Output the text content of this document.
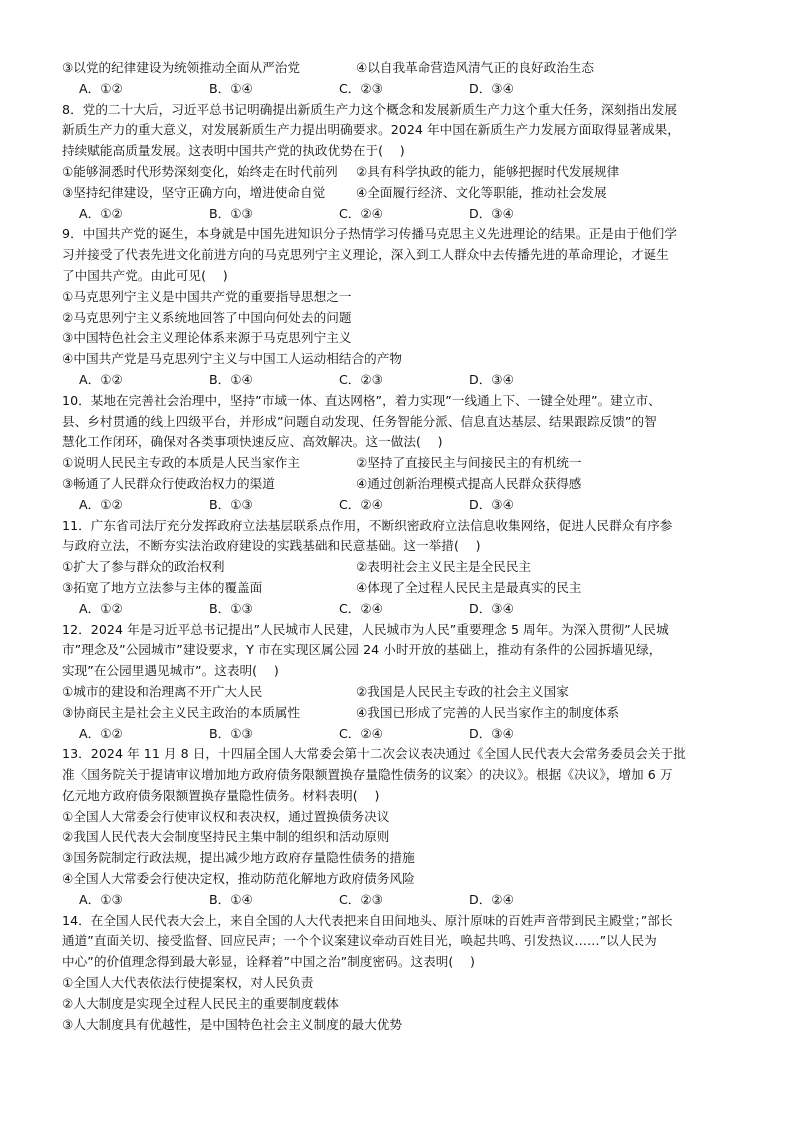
③以党的纪律建设为统领推动全面从严治党	④以自我革命营造风清气正的良好政治生态
A．①②	B．①④	C．②③	D．③④
8．党的二十大后，习近平总书记明确提出新质生产力这个概念和发展新质生产力这个重大任务，深刻指出发展
新质生产力的重大意义，对发展新质生产力提出明确要求。2024 年中国在新质生产力发展方面取得显著成果，
持续赋能高质量发展。这表明中国共产党的执政优势在于(　 )
①能够洞悉时代形势深刻变化，始终走在时代前列	②具有科学执政的能力，能够把握时代发展规律
③坚持纪律建设，坚守正确方向，增进使命自觉	④全面履行经济、文化等职能，推动社会发展
A．①②	B．①③	C．②④	D．③④
9．中国共产党的诞生，本身就是中国先进知识分子热情学习传播马克思主义先进理论的结果。正是由于他们学
习并接受了代表先进文化前进方向的马克思列宁主义理论，深入到工人群众中去传播先进的革命理论，才诞生
了中国共产党。由此可见(　 )
①马克思列宁主义是中国共产党的重要指导思想之一
②马克思列宁主义系统地回答了中国向何处去的问题
③中国特色社会主义理论体系来源于马克思列宁主义
④中国共产党是马克思列宁主义与中国工人运动相结合的产物
A．①②	B．①④	C．②③	D．③④
10．某地在完善社会治理中，坚持”市域一体、直达网格”，着力实现”一线通上下、一键全处理”。建立市、
县、乡村贯通的线上四级平台，并形成”问题自动发现、任务智能分派、信息直达基层、结果跟踪反馈”的智
慧化工作闭环，确保对各类事项快速反应、高效解决。这一做法(　 )
①说明人民民主专政的本质是人民当家作主	②坚持了直接民主与间接民主的有机统一
③畅通了人民群众行使政治权力的渠道	④通过创新治理模式提高人民群众获得感
A．①②	B．①③	C．②④	D．③④
11．广东省司法厅充分发挥政府立法基层联系点作用，不断织密政府立法信息收集网络，促进人民群众有序参
与政府立法，不断夯实法治政府建设的实践基础和民意基础。这一举措(　 )
①扩大了参与群众的政治权利	②表明社会主义民主是全民民主
③拓宽了地方立法参与主体的覆盖面	④体现了全过程人民民主是最真实的民主
A．①②	B．①③	C．②④	D．③④
12．2024 年是习近平总书记提出”人民城市人民建，人民城市为人民”重要理念 5 周年。为深入贯彻”人民城
市”理念及”公园城市”建设要求，Y 市在实现区属公园 24 小时开放的基础上，推动有条件的公园拆墙见绿，
实现”在公园里遇见城市”。这表明(　 )
①城市的建设和治理离不开广大人民	②我国是人民民主专政的社会主义国家
③协商民主是社会主义民主政治的本质属性	④我国已形成了完善的人民当家作主的制度体系
A．①②	B．①③	C．②④	D．③④
13．2024 年 11 月 8 日，十四届全国人大常委会第十二次会议表决通过《全国人民代表大会常务委员会关于批
准〈国务院关于提请审议增加地方政府债务限额置换存量隐性债务的议案〉的决议》。根据《决议》，增加 6 万
亿元地方政府债务限额置换存量隐性债务。材料表明(　 )
①全国人大常委会行使审议权和表决权，通过置换债务决议
②我国人民代表大会制度坚持民主集中制的组织和活动原则
③国务院制定行政法规，提出减少地方政府存量隐性债务的措施
④全国人大常委会行使决定权，推动防范化解地方政府债务风险
A．①③	B．①④	C．②③	D．②④
14．在全国人民代表大会上，来自全国的人大代表把来自田间地头、原汁原味的百姓声音带到民主殿堂；”部长
通道”直面关切、接受监督、回应民声；一个个议案建议牵动百姓目光，唤起共鸣、引发热议……”以人民为
中心”的价值理念得到最大彰显，诠释着”中国之治”制度密码。这表明(　 )
①全国人大代表依法行使提案权，对人民负责
②人大制度是实现全过程人民民主的重要制度载体
③人大制度具有优越性，是中国特色社会主义制度的最大优势
